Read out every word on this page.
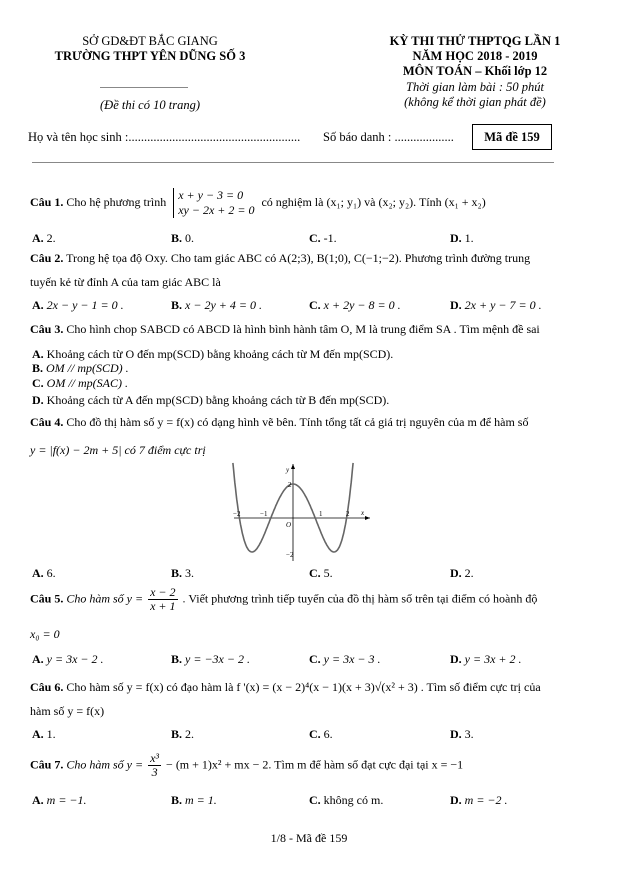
SỞ GD&ĐT BẮC GIANG
TRƯỜNG THPT YÊN DŨNG SỐ 3
(Đề thi có 10 trang)
KỲ THI THỬ THPTQG LẦN 1
NĂM HỌC 2018 - 2019
MÔN TOÁN – Khối lớp 12
Thời gian làm bài : 50 phút
(không kể thời gian phát đề)
Họ và tên học sinh :....................................................... Số báo danh : ...................	Mã đề 159
Câu 1. Cho hệ phương trình x + y − 3 = 0
xy − 2x + 2 = 0
có nghiệm là (x₁; y₁) và (x₂; y₂). Tính (x₁ + x₂)
A. 2.	B. 0.	C. -1.	D. 1.
Câu 2. Trong hệ tọa độ Oxy. Cho tam giác ABC có A(2;3), B(1;0), C(−1;−2). Phương trình đường trung
tuyến kẻ từ đỉnh A của tam giác ABC là
A. 2x − y − 1 = 0 .	B. x − 2y + 4 = 0 .	C. x + 2y − 8 = 0 .	D. 2x + y − 7 = 0 .
Câu 3. Cho hình chop SABCD có ABCD là hình bình hành tâm O, M là trung điểm SA . Tìm mệnh đề sai
A. Khoảng cách từ O đến mp(SCD) bằng khoảng cách từ M đến mp(SCD).
B. OM // mp(SCD) .
C. OM // mp(SAC) .
D. Khoảng cách từ A đến mp(SCD) bằng khoảng cách từ B đến mp(SCD).
Câu 4. Cho đồ thị hàm số y = f(x) có dạng hình vẽ bên. Tính tổng tất cả giá trị nguyên của m để hàm số
y = |f(x) − 2m + 5| có 7 điểm cực trị
x
y
O
−2	−1	1	2
2
−2
A. 6.	B. 3.	C. 5.	D. 2.
Câu 5. Cho hàm số $y = \frac{x - 2}{x + 1}$ . Viết phương trình tiếp tuyến của đồ thị hàm số trên tại điểm có hoành độ
x₀ = 0
A. y = 3x − 2 .	B. y = −3x − 2 .	C. y = 3x − 3 .	D. y = 3x + 2 .
Câu 6. Cho hàm số y = f(x) có đạo hàm là f '(x) = (x − 2)⁴(x − 1)(x + 3)√(x² + 3) . Tìm số điểm cực trị của
hàm số y = f(x)
A. 1.	B. 2.	C. 6.	D. 3.
Câu 7. Cho hàm số $y = \frac{\text{x³}}{3} - (m + 1)x^2$ + mx − 2. Tìm m để hàm số đạt cực đại tại x = −1
A. m = −1.	B. m = 1.	C. không có m.	D. m = −2 .
1/8 - Mã đề 159
